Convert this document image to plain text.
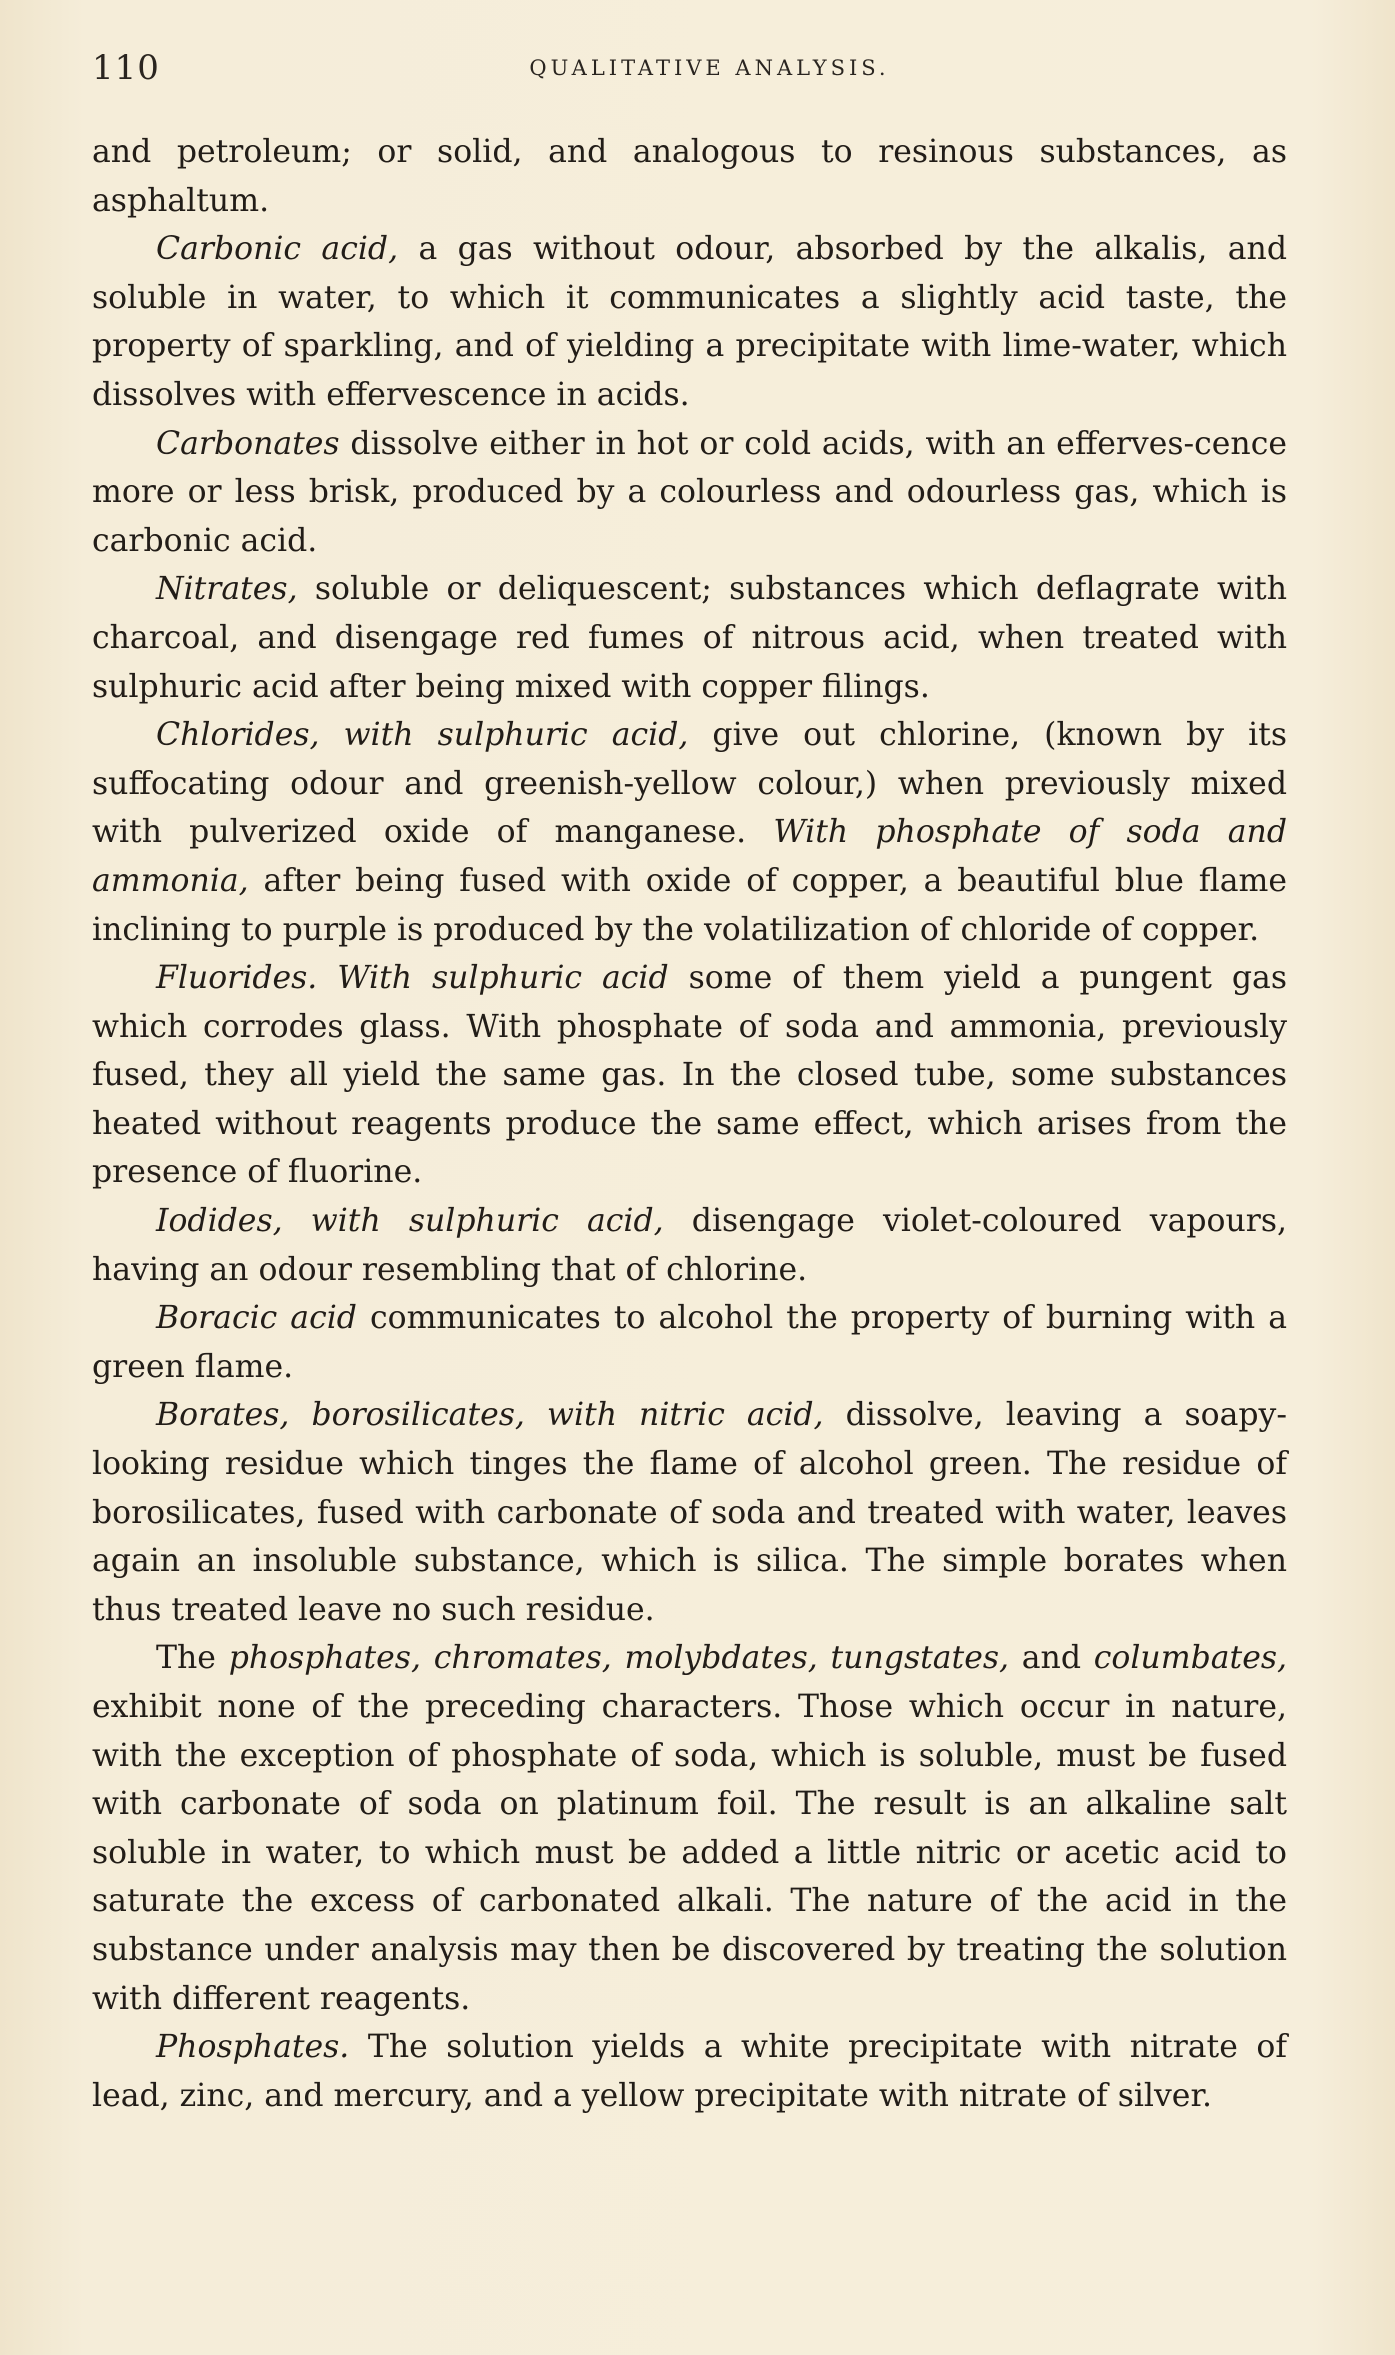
110	QUALITATIVE ANALYSIS.

and petroleum; or solid, and analogous to resinous substances, as asphaltum.

Carbonic acid, a gas without odour, absorbed by the alkalis, and soluble in water, to which it communicates a slightly acid taste, the property of sparkling, and of yielding a precipitate with lime-water, which dissolves with effervescence in acids.

Carbonates dissolve either in hot or cold acids, with an efferves-cence more or less brisk, produced by a colourless and odourless gas, which is carbonic acid.

Nitrates, soluble or deliquescent; substances which deflagrate with charcoal, and disengage red fumes of nitrous acid, when treated with sulphuric acid after being mixed with copper filings.

Chlorides, with sulphuric acid, give out chlorine, (known by its suffocating odour and greenish-yellow colour,) when previously mixed with pulverized oxide of manganese. With phosphate of soda and ammonia, after being fused with oxide of copper, a beautiful blue flame inclining to purple is produced by the volatilization of chloride of copper.

Fluorides. With sulphuric acid some of them yield a pungent gas which corrodes glass. With phosphate of soda and ammonia, previously fused, they all yield the same gas. In the closed tube, some substances heated without reagents produce the same effect, which arises from the presence of fluorine.

Iodides, with sulphuric acid, disengage violet-coloured vapours, having an odour resembling that of chlorine.

Boracic acid communicates to alcohol the property of burning with a green flame.

Borates, borosilicates, with nitric acid, dissolve, leaving a soapy-looking residue which tinges the flame of alcohol green. The residue of borosilicates, fused with carbonate of soda and treated with water, leaves again an insoluble substance, which is silica. The simple borates when thus treated leave no such residue.

The phosphates, chromates, molybdates, tungstates, and columbates, exhibit none of the preceding characters. Those which occur in nature, with the exception of phosphate of soda, which is soluble, must be fused with carbonate of soda on platinum foil. The result is an alkaline salt soluble in water, to which must be added a little nitric or acetic acid to saturate the excess of carbonated alkali. The nature of the acid in the substance under analysis may then be discovered by treating the solution with different reagents.

Phosphates. The solution yields a white precipitate with nitrate of lead, zinc, and mercury, and a yellow precipitate with nitrate of silver.
